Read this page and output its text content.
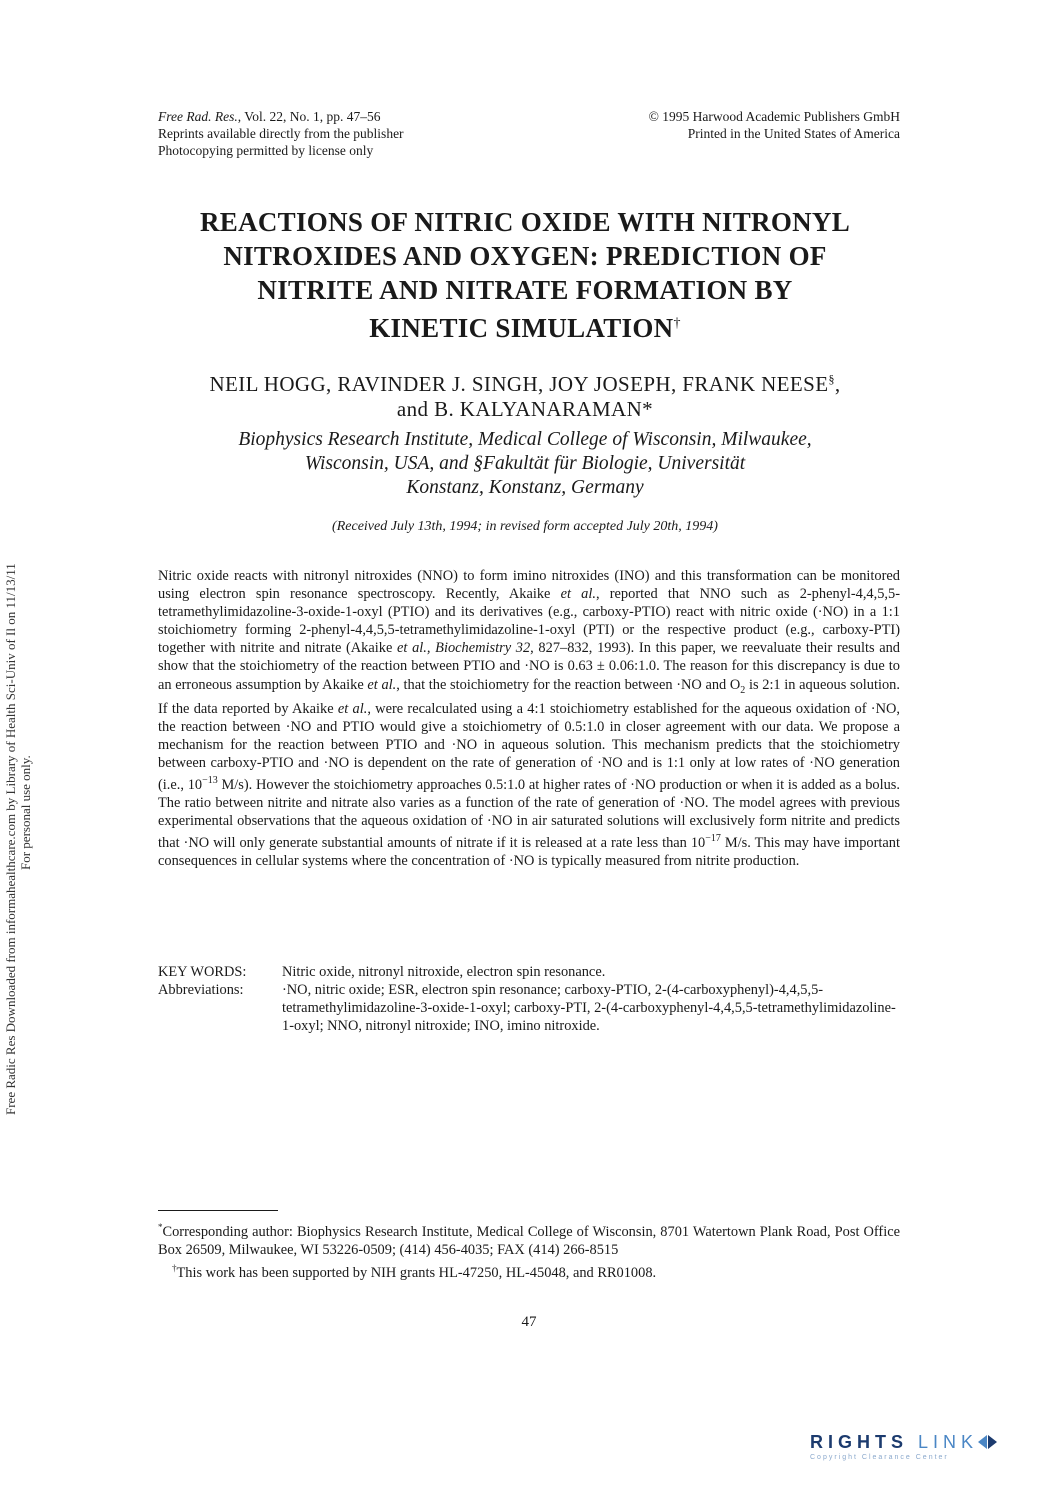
Free Rad. Res., Vol. 22, No. 1, pp. 47–56
Reprints available directly from the publisher
Photocopying permitted by license only
© 1995 Harwood Academic Publishers GmbH
Printed in the United States of America
REACTIONS OF NITRIC OXIDE WITH NITRONYL
NITROXIDES AND OXYGEN: PREDICTION OF
NITRITE AND NITRATE FORMATION BY
KINETIC SIMULATION†
NEIL HOGG, RAVINDER J. SINGH, JOY JOSEPH, FRANK NEESE§,
and B. KALYANARAMAN*
Biophysics Research Institute, Medical College of Wisconsin, Milwaukee,
Wisconsin, USA, and §Fakultät für Biologie, Universität
Konstanz, Konstanz, Germany
(Received July 13th, 1994; in revised form accepted July 20th, 1994)

Nitric oxide reacts with nitronyl nitroxides (NNO) to form imino nitroxides (INO) and this transformation can be monitored using electron spin resonance spectroscopy. Recently, Akaike et al., reported that NNO such as 2-phenyl-4,4,5,5-tetramethylimidazoline-3-oxide-1-oxyl (PTIO) and its derivatives (e.g., carboxy-PTIO) react with nitric oxide (·NO) in a 1:1 stoichiometry forming 2-phenyl-4,4,5,5-tetramethylimidazoline-1-oxyl (PTI) or the respective product (e.g., carboxy-PTI) together with nitrite and nitrate (Akaike et al., Biochemistry 32, 827–832, 1993). In this paper, we reevaluate their results and show that the stoichiometry of the reaction between PTIO and ·NO is 0.63 ± 0.06:1.0. The reason for this discrepancy is due to an erroneous assumption by Akaike et al., that the stoichiometry for the reaction between ·NO and $O_2$ is 2:1 in aqueous solution. If the data reported by Akaike et al., were recalculated using a 4:1 stoichiometry established for the aqueous oxidation of ·NO, the reaction between ·NO and PTIO would give a stoichiometry of 0.5:1.0 in closer agreement with our data. We propose a mechanism for the reaction between PTIO and ·NO in aqueous solution. This mechanism predicts that the stoichiometry between carboxy-PTIO and ·NO is dependent on the rate of generation of ·NO and is 1:1 only at low rates of ·NO generation (i.e., $10^{-13}$ M/s). However the stoichiometry approaches 0.5:1.0 at higher rates of ·NO production or when it is added as a bolus. The ratio between nitrite and nitrate also varies as a function of the rate of generation of ·NO. The model agrees with previous experimental observations that the aqueous oxidation of ·NO in air saturated solutions will exclusively form nitrite and predicts that ·NO will only generate substantial amounts of nitrate if it is released at a rate less than $10^{-17}$ M/s. This may have important consequences in cellular systems where the concentration of ·NO is typically measured from nitrite production.

KEY WORDS:	Nitric oxide, nitronyl nitroxide, electron spin resonance.
Abbreviations:	·NO, nitric oxide; ESR, electron spin resonance; carboxy-PTIO, 2-(4-carboxyphenyl)-4,4,5,5-tetramethylimidazoline-3-oxide-1-oxyl; carboxy-PTI, 2-(4-carboxyphenyl-4,4,5,5-tetramethylimidazoline-1-oxyl; NNO, nitronyl nitroxide; INO, imino nitroxide.

*Corresponding author: Biophysics Research Institute, Medical College of Wisconsin, 8701 Watertown Plank Road, Post Office Box 26509, Milwaukee, WI 53226-0509; (414) 456-4035; FAX (414) 266-8515

†This work has been supported by NIH grants HL-47250, HL-45048, and RR01008.

47
Free Radic Res Downloaded from informahealthcare.com by Library of Health Sci-Univ of Il on 11/13/11 For personal use only.
RIGHTS LINK
Copyright Clearance Center
